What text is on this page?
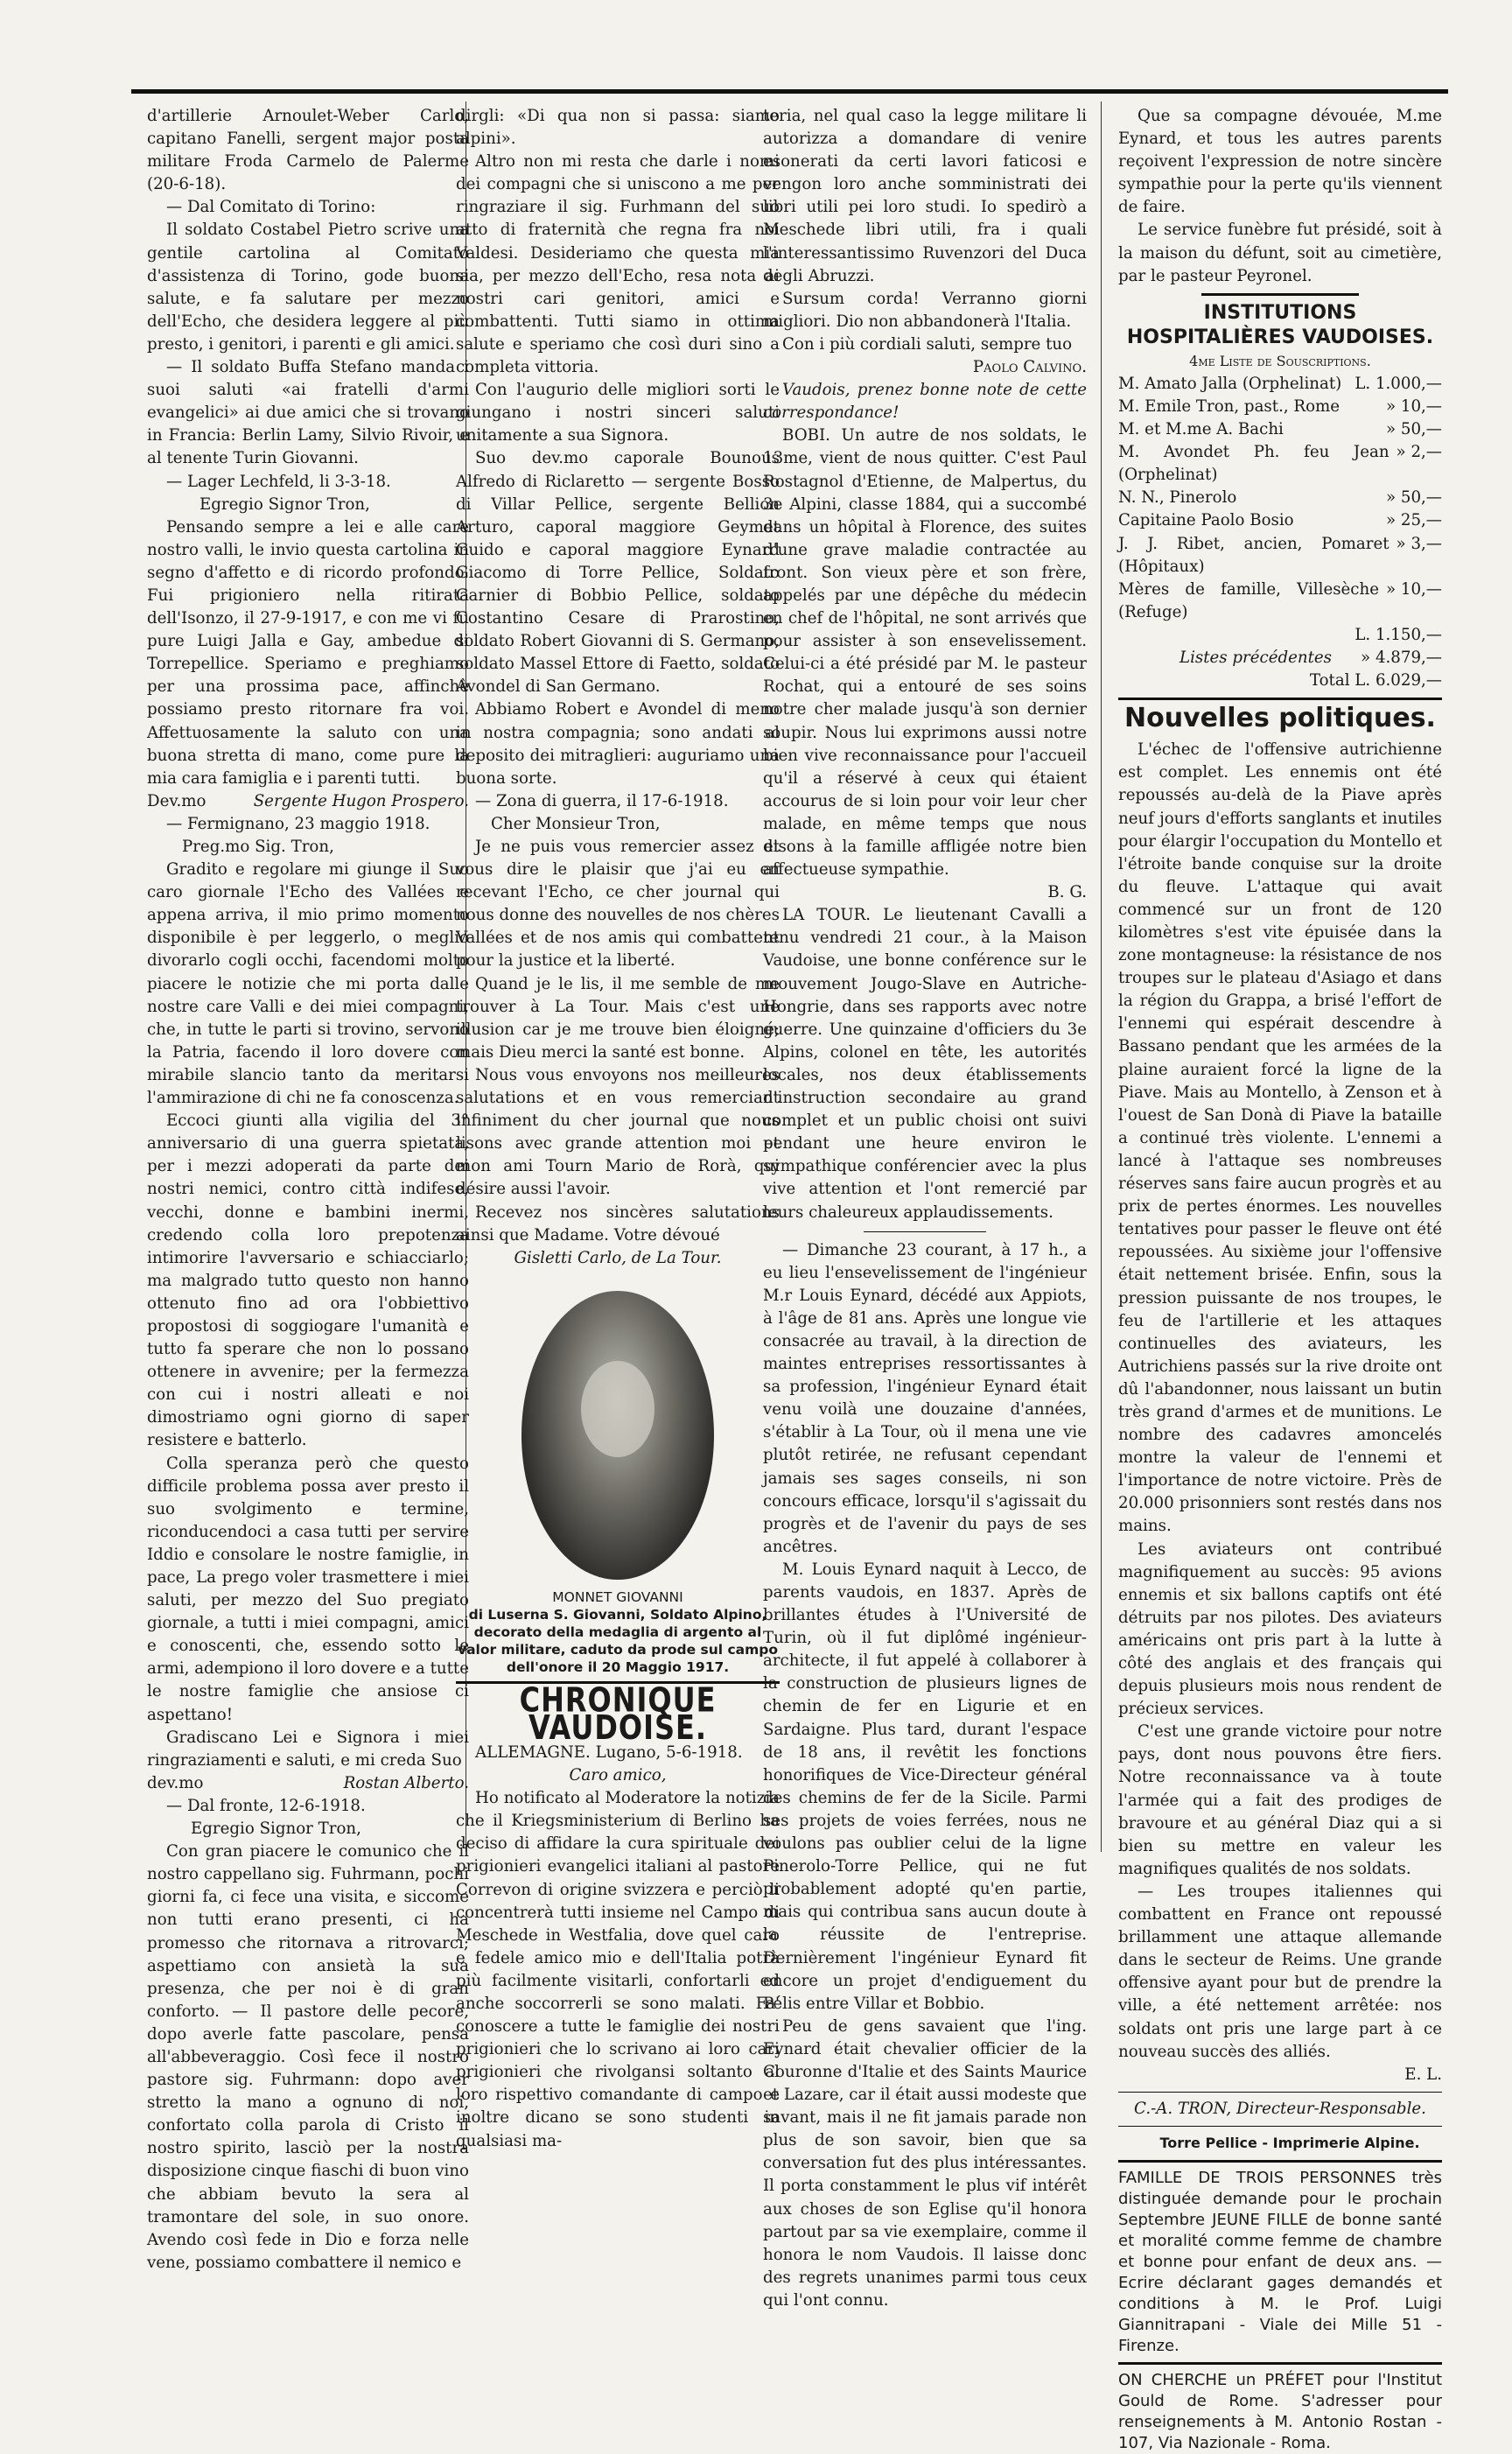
d'artillerie Arnoulet-Weber Carlo, capitano Fanelli, sergent major posta militare Froda Carmelo de Palerme (20-6-18).

— Dal Comitato di Torino:

Il soldato Costabel Pietro scrive una gentile cartolina al Comitato d'assistenza di Torino, gode buona salute, e fa salutare per mezzo dell'Echo, che desidera leggere al più presto, i genitori, i parenti e gli amici.

— Il soldato Buffa Stefano manda i suoi saluti «ai fratelli d'armi evangelici» ai due amici che si trovano in Francia: Berlin Lamy, Silvio Rivoir, e al tenente Turin Giovanni.

— Lager Lechfeld, li 3-3-18.

Egregio Signor Tron,

Pensando sempre a lei e alle care nostro valli, le invio questa cartolina in segno d'affetto e di ricordo profondo. Fui prigioniero nella ritirata dell'Isonzo, il 27-9-1917, e con me vi fu pure Luigi Jalla e Gay, ambedue di Torrepellice. Speriamo e preghiamo per una prossima pace, affinchè possiamo presto ritornare fra voi. Affettuosamente la saluto con una buona stretta di mano, come pure la mia cara famiglia e i parenti tutti.

Dev.mo	Sergente Hugon Prospero.

— Fermignano, 23 maggio 1918.

Preg.mo Sig. Tron,

Gradito e regolare mi giunge il Suo caro giornale l'Echo des Vallées e appena arriva, il mio primo momento disponibile è per leggerlo, o meglio divorarlo cogli occhi, facendomi molto piacere le notizie che mi porta dalle nostre care Valli e dei miei compagni, che, in tutte le parti si trovino, servono la Patria, facendo il loro dovere con mirabile slancio tanto da meritarsi l'ammirazione di chi ne fa conoscenza.

Eccoci giunti alla vigilia del 3° anniversario di una guerra spietata, per i mezzi adoperati da parte dei nostri nemici, contro città indifese, vecchi, donne e bambini inermi, credendo colla loro prepotenza intimorire l'avversario e schiacciarlo; ma malgrado tutto questo non hanno ottenuto fino ad ora l'obbiettivo propostosi di soggiogare l'umanità e tutto fa sperare che non lo possano ottenere in avvenire; per la fermezza con cui i nostri alleati e noi dimostriamo ogni giorno di saper resistere e batterlo.

Colla speranza però che questo difficile problema possa aver presto il suo svolgimento e termine, riconducendoci a casa tutti per servire Iddio e consolare le nostre famiglie, in pace, La prego voler trasmettere i miei saluti, per mezzo del Suo pregiato giornale, a tutti i miei compagni, amici e conoscenti, che, essendo sotto le armi, adempiono il loro dovere e a tutte le nostre famiglie che ansiose ci aspettano!

Gradiscano Lei e Signora i miei ringraziamenti e saluti, e mi creda Suo

dev.mo	Rostan Alberto.

— Dal fronte, 12-6-1918.

Egregio Signor Tron,

Con gran piacere le comunico che il nostro cappellano sig. Fuhrmann, pochi giorni fa, ci fece una visita, e siccome non tutti erano presenti, ci ha promesso che ritornava a ritrovarci; aspettiamo con ansietà la sua presenza, che per noi è di gran conforto. — Il pastore delle pecore, dopo averle fatte pascolare, pensa all'abbeveraggio. Così fece il nostro pastore sig. Fuhrmann: dopo aver stretto la mano a ognuno di noi, confortato colla parola di Cristo il nostro spirito, lasciò per la nostra disposizione cinque fiaschi di buon vino che abbiam bevuto la sera al tramontare del sole, in suo onore. Avendo così fede in Dio e forza nelle vene, possiamo combattere il nemico e

dirgli: «Di qua non si passa: siamo alpini».

Altro non mi resta che darle i nomi dei compagni che si uniscono a me per ringraziare il sig. Furhmann del suo atto di fraternità che regna fra noi Valdesi. Desideriamo che questa mia sia, per mezzo dell'Echo, resa nota ai nostri cari genitori, amici e combattenti. Tutti siamo in ottima salute e speriamo che così duri sino a completa vittoria.

Con l'augurio delle migliori sorti le giungano i nostri sinceri saluti unitamente a sua Signora.

Suo dev.mo caporale Bounous Alfredo di Riclaretto — sergente Bosso di Villar Pellice, sergente Bellion Arturo, caporal maggiore Geymet Guido e caporal maggiore Eynard Giacomo di Torre Pellice, Soldato Garnier di Bobbio Pellice, soldato Costantino Cesare di Prarostino, soldato Robert Giovanni di S. Germano, soldato Massel Ettore di Faetto, soldato Avondel di San Germano.

Abbiamo Robert e Avondel di meno in nostra compagnia; sono andati al deposito dei mitraglieri: auguriamo una buona sorte.

— Zona di guerra, il 17-6-1918.

Cher Monsieur Tron,

Je ne puis vous remercier assez et vous dire le plaisir que j'ai eu en recevant l'Echo, ce cher journal qui nous donne des nouvelles de nos chères Vallées et de nos amis qui combattent pour la justice et la liberté.

Quand je le lis, il me semble de me trouver à La Tour. Mais c'est une illusion car je me trouve bien éloigné; mais Dieu merci la santé est bonne.

Nous vous envoyons nos meilleures salutations et en vous remerciant infiniment du cher journal que nous lisons avec grande attention moi et mon ami Tourn Mario de Rorà, qui désire aussi l'avoir.

Recevez nos sincères salutations ainsi que Madame. Votre dévoué

Gisletti Carlo, de La Tour.

MONNET GIOVANNI
di Luserna S. Giovanni, Soldato Alpino, decorato della medaglia di argento al valor militare, caduto da prode sul campo dell'onore il 20 Maggio 1917.
CHRONIQUE VAUDOISE.

ALLEMAGNE. Lugano, 5-6-1918.

Caro amico,

Ho notificato al Moderatore la notizia che il Kriegsministerium di Berlino ha deciso di affidare la cura spirituale dei prigionieri evangelici italiani al pastore Correvon di origine svizzera e perciò li concentrerà tutti insieme nel Campo di Meschede in Westfalia, dove quel caro e fedele amico mio e dell'Italia potrà più facilmente visitarli, confortarli ed anche soccorrerli se sono malati. Fa' conoscere a tutte le famiglie dei nostri prigionieri che lo scrivano ai loro cari prigionieri che rivolgansi soltanto al loro rispettivo comandante di campo e inoltre dicano se sono studenti in qualsiasi ma-

teria, nel qual caso la legge militare li autorizza a domandare di venire esonerati da certi lavori faticosi e vengon loro anche somministrati dei libri utili pei loro studi. Io spedirò a Meschede libri utili, fra i quali l'interessantissimo Ruvenzori del Duca degli Abruzzi.

Sursum corda! Verranno giorni migliori. Dio non abbandonerà l'Italia.

Con i più cordiali saluti, sempre tuo

Paolo Calvino.

Vaudois, prenez bonne note de cette correspondance!

BOBI. Un autre de nos soldats, le 13me, vient de nous quitter. C'est Paul Rostagnol d'Etienne, de Malpertus, du 3e Alpini, classe 1884, qui a succombé dans un hôpital à Florence, des suites d'une grave maladie contractée au front. Son vieux père et son frère, appelés par une dépêche du médecin en chef de l'hôpital, ne sont arrivés que pour assister à son ensevelissement. Celui-ci a été présidé par M. le pasteur Rochat, qui a entouré de ses soins notre cher malade jusqu'à son dernier soupir. Nous lui exprimons aussi notre bien vive reconnaissance pour l'accueil qu'il a réservé à ceux qui étaient accourus de si loin pour voir leur cher malade, en même temps que nous disons à la famille affligée notre bien affectueuse sympathie.

B. G.

LA TOUR. Le lieutenant Cavalli a tenu vendredi 21 cour., à la Maison Vaudoise, une bonne conférence sur le mouvement Jougo-Slave en Autriche-Hongrie, dans ses rapports avec notre guerre. Une quinzaine d'officiers du 3e Alpins, colonel en tête, les autorités locales, nos deux établissements d'instruction secondaire au grand complet et un public choisi ont suivi pendant une heure environ le sympathique conférencier avec la plus vive attention et l'ont remercié par leurs chaleureux applaudissements.

— Dimanche 23 courant, à 17 h., a eu lieu l'ensevelissement de l'ingénieur M.r Louis Eynard, décédé aux Appiots, à l'âge de 81 ans. Après une longue vie consacrée au travail, à la direction de maintes entreprises ressortissantes à sa profession, l'ingénieur Eynard était venu voilà une douzaine d'années, s'établir à La Tour, où il mena une vie plutôt retirée, ne refusant cependant jamais ses sages conseils, ni son concours efficace, lorsqu'il s'agissait du progrès et de l'avenir du pays de ses ancêtres.

M. Louis Eynard naquit à Lecco, de parents vaudois, en 1837. Après de brillantes études à l'Université de Turin, où il fut diplômé ingénieur-architecte, il fut appelé à collaborer à la construction de plusieurs lignes de chemin de fer en Ligurie et en Sardaigne. Plus tard, durant l'espace de 18 ans, il revêtit les fonctions honorifiques de Vice-Directeur général des chemins de fer de la Sicile. Parmi ses projets de voies ferrées, nous ne voulons pas oublier celui de la ligne Pinerolo-Torre Pellice, qui ne fut probablement adopté qu'en partie, mais qui contribua sans aucun doute à la réussite de l'entreprise. Dernièrement l'ingénieur Eynard fit encore un projet d'endiguement du Pélis entre Villar et Bobbio.

Peu de gens savaient que l'ing. Eynard était chevalier officier de la Couronne d'Italie et des Saints Maurice et Lazare, car il était aussi modeste que savant, mais il ne fit jamais parade non plus de son savoir, bien que sa conversation fut des plus intéressantes. Il porta constamment le plus vif intérêt aux choses de son Eglise qu'il honora partout par sa vie exemplaire, comme il honora le nom Vaudois. Il laisse donc des regrets unanimes parmi tous ceux qui l'ont connu.

Que sa compagne dévouée, M.me Eynard, et tous les autres parents reçoivent l'expression de notre sincère sympathie pour la perte qu'ils viennent de faire.

Le service funèbre fut présidé, soit à la maison du défunt, soit au cimetière, par le pasteur Peyronel.

INSTITUTIONS
HOSPITALIÈRES VAUDOISES.

4me Liste de Souscriptions.

M. Amato Jalla (Orphelinat) L. 1.000,—

M. Emile Tron, past., Rome	» 10,—

M. et M.me A. Bachi	» 50,—

M. Avondet Ph. feu Jean (Orphelinat)
» 2,—

N. N., Pinerolo	» 50,—

Capitaine Paolo Bosio	» 25,—

J. J. Ribet, ancien, Pomaret (Hôpitaux)
» 3,—

Mères de famille, Villesèche (Refuge)
» 10,—

L. 1.150,—

Listes précédentes » 4.879,—

Total L. 6.029,—

Nouvelles politiques.

L'échec de l'offensive autrichienne est complet. Les ennemis ont été repoussés au-delà de la Piave après neuf jours d'efforts sanglants et inutiles pour élargir l'occupation du Montello et l'étroite bande conquise sur la droite du fleuve. L'attaque qui avait commencé sur un front de 120 kilomètres s'est vite épuisée dans la zone montagneuse: la résistance de nos troupes sur le plateau d'Asiago et dans la région du Grappa, a brisé l'effort de l'ennemi qui espérait descendre à Bassano pendant que les armées de la plaine auraient forcé la ligne de la Piave. Mais au Montello, à Zenson et à l'ouest de San Donà di Piave la bataille a continué très violente. L'ennemi a lancé à l'attaque ses nombreuses réserves sans faire aucun progrès et au prix de pertes énormes. Les nouvelles tentatives pour passer le fleuve ont été repoussées. Au sixième jour l'offensive était nettement brisée. Enfin, sous la pression puissante de nos troupes, le feu de l'artillerie et les attaques continuelles des aviateurs, les Autrichiens passés sur la rive droite ont dû l'abandonner, nous laissant un butin très grand d'armes et de munitions. Le nombre des cadavres amoncelés montre la valeur de l'ennemi et l'importance de notre victoire. Près de 20.000 prisonniers sont restés dans nos mains.

Les aviateurs ont contribué magnifiquement au succès: 95 avions ennemis et six ballons captifs ont été détruits par nos pilotes. Des aviateurs américains ont pris part à la lutte à côté des anglais et des français qui depuis plusieurs mois nous rendent de précieux services.

C'est une grande victoire pour notre pays, dont nous pouvons être fiers. Notre reconnaissance va à toute l'armée qui a fait des prodiges de bravoure et au général Diaz qui a si bien su mettre en valeur les magnifiques qualités de nos soldats.

— Les troupes italiennes qui combattent en France ont repoussé brillamment une attaque allemande dans le secteur de Reims. Une grande offensive ayant pour but de prendre la ville, a été nettement arrêtée: nos soldats ont pris une large part à ce nouveau succès des alliés.

E. L.

C.-A. TRON, Directeur-Responsable.

Torre Pellice - Imprimerie Alpine.

FAMILLE DE TROIS PERSONNES très distinguée demande pour le prochain Septembre JEUNE FILLE de bonne santé et moralité comme femme de chambre et bonne pour enfant de deux ans. — Ecrire déclarant gages demandés et conditions à M. le Prof. Luigi Giannitrapani - Viale dei Mille 51 - Firenze.

ON CHERCHE un PRÉFET pour l'Institut Gould de Rome. S'adresser pour renseignements à M. Antonio Rostan - 107, Via Nazionale - Roma.
